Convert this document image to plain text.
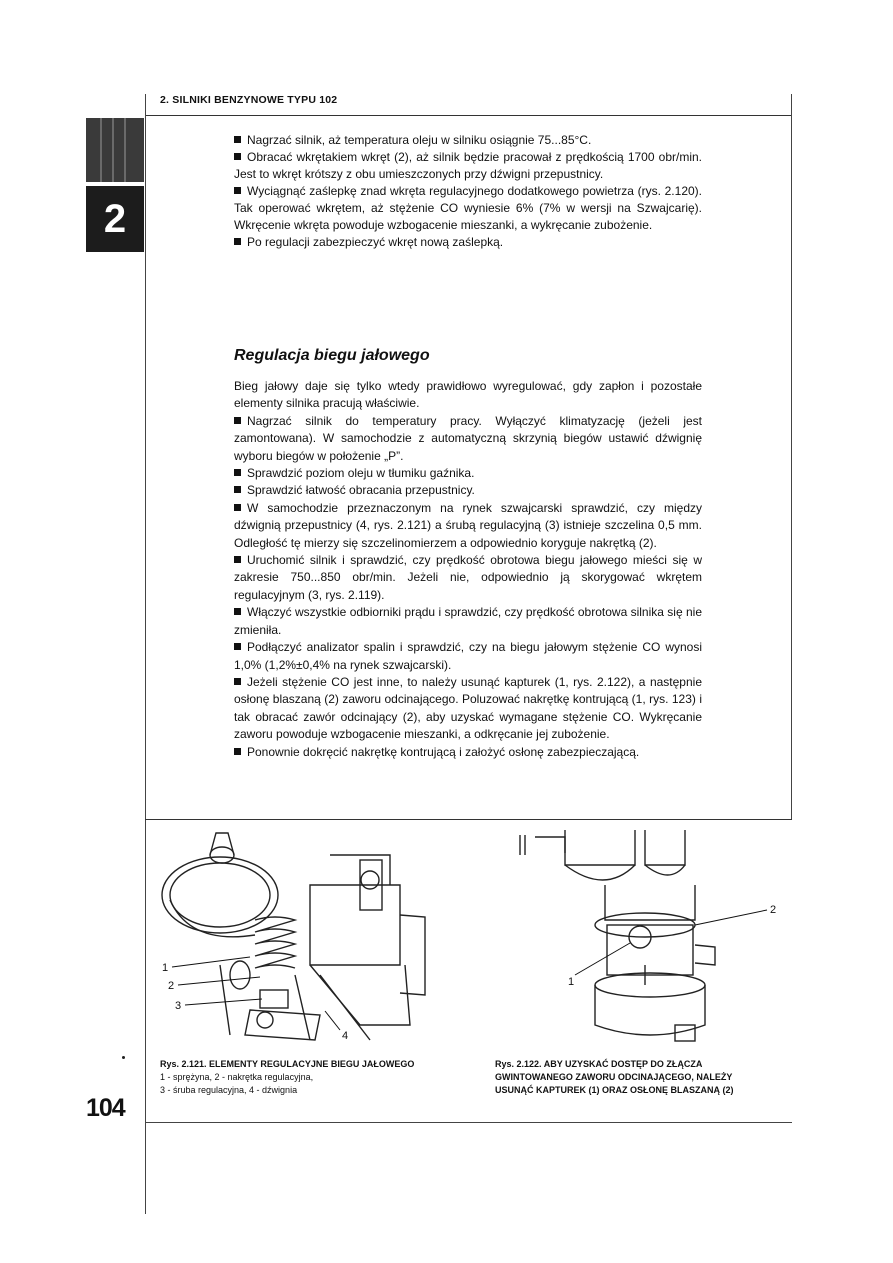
2. SILNIKI BENZYNOWE TYPU 102
2

Nagrzać silnik, aż temperatura oleju w silniku osiągnie 75...85°C.

Obracać wkrętakiem wkręt (2), aż silnik będzie pracował z prędkością 1700 obr/min. Jest to wkręt krótszy z obu umieszczonych przy dźwigni przepustnicy.

Wyciągnąć zaślepkę znad wkręta regulacyjnego dodatkowego powietrza (rys. 2.120). Tak operować wkrętem, aż stężenie CO wyniesie 6% (7% w wersji na Szwajcarię). Wkręcenie wkręta powoduje wzbogacenie mieszanki, a wykręcanie zubożenie.

Po regulacji zabezpieczyć wkręt nową zaślepką.

Regulacja biegu jałowego

Bieg jałowy daje się tylko wtedy prawidłowo wyregulować, gdy zapłon i pozostałe elementy silnika pracują właściwie.

Nagrzać silnik do temperatury pracy. Wyłączyć klimatyzację (jeżeli jest zamontowana). W samochodzie z automatyczną skrzynią biegów ustawić dźwignię wyboru biegów w położenie „P”.

Sprawdzić poziom oleju w tłumiku gaźnika.

Sprawdzić łatwość obracania przepustnicy.

W samochodzie przeznaczonym na rynek szwajcarski sprawdzić, czy między dźwignią przepustnicy (4, rys. 2.121) a śrubą regulacyjną (3) istnieje szczelina 0,5 mm. Odległość tę mierzy się szczelinomierzem a odpowiednio koryguje nakrętką (2).

Uruchomić silnik i sprawdzić, czy prędkość obrotowa biegu jałowego mieści się w zakresie 750...850 obr/min. Jeżeli nie, odpowiednio ją skorygować wkrętem regulacyjnym (3, rys. 2.119).

Włączyć wszystkie odbiorniki prądu i sprawdzić, czy prędkość obrotowa silnika się nie zmieniła.

Podłączyć analizator spalin i sprawdzić, czy na biegu jałowym stężenie CO wynosi 1,0% (1,2%±0,4% na rynek szwajcarski).

Jeżeli stężenie CO jest inne, to należy usunąć kapturek (1, rys. 2.122), a następnie osłonę blaszaną (2) zaworu odcinającego. Poluzować nakrętkę kontrującą (1, rys. 123) i tak obracać zawór odcinający (2), aby uzyskać wymagane stężenie CO. Wykręcanie zaworu powoduje wzbogacenie mieszanki, a odkręcanie jej zubożenie.

Ponownie dokręcić nakrętkę kontrującą i założyć osłonę zabezpieczającą.

1
2
3
4
2
1
Rys. 2.121. ELEMENTY REGULACYJNE BIEGU JAŁOWEGO
1 - sprężyna, 2 - nakrętka regulacyjna,
3 - śruba regulacyjna, 4 - dźwignia
Rys. 2.122. ABY UZYSKAĆ DOSTĘP DO ZŁĄCZA
GWINTOWANEGO ZAWORU ODCINAJĄCEGO, NALEŻY
USUNĄĆ KAPTUREK (1) ORAZ OSŁONĘ BLASZANĄ (2)
104
